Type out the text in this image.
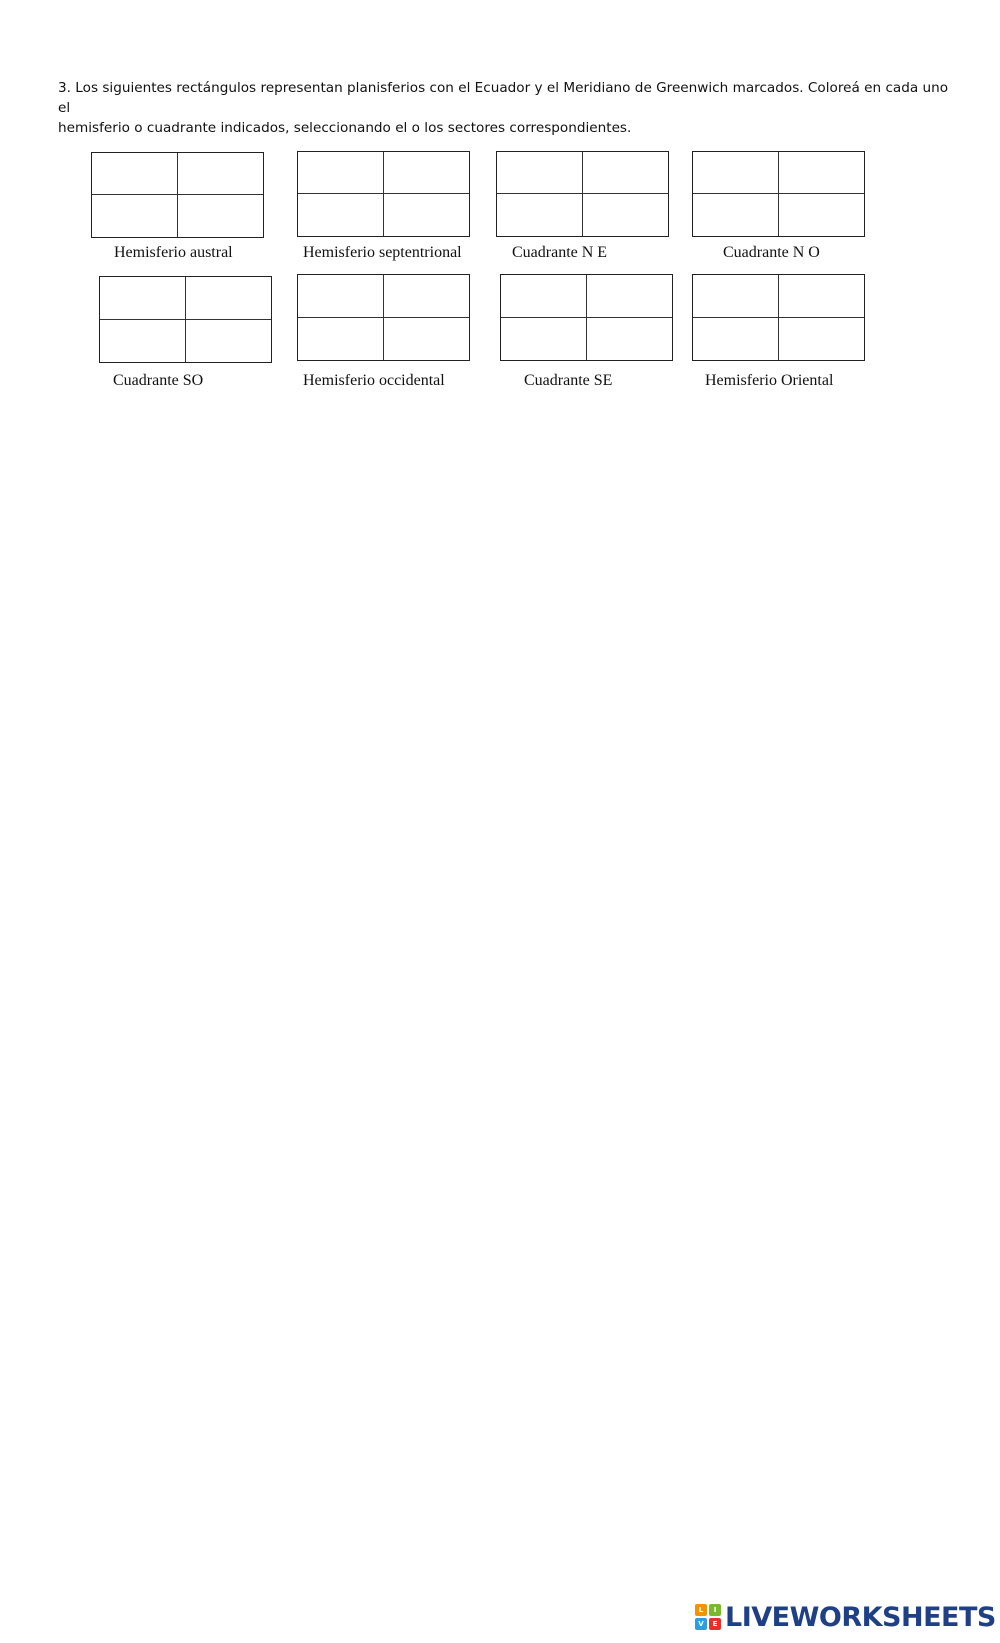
3. Los siguientes rectángulos representan planisferios con el Ecuador y el Meridiano de Greenwich marcados. Coloreá en cada uno el
hemisferio o cuadrante indicados, seleccionando el o los sectores correspondientes.

Hemisferio austral	Hemisferio septentrional	Cuadrante N E	Cuadrante N O
Cuadrante SO	Hemisferio occidental	Cuadrante SE	Hemisferio Oriental
L	I
V	E LIVEWORKSHEETS
